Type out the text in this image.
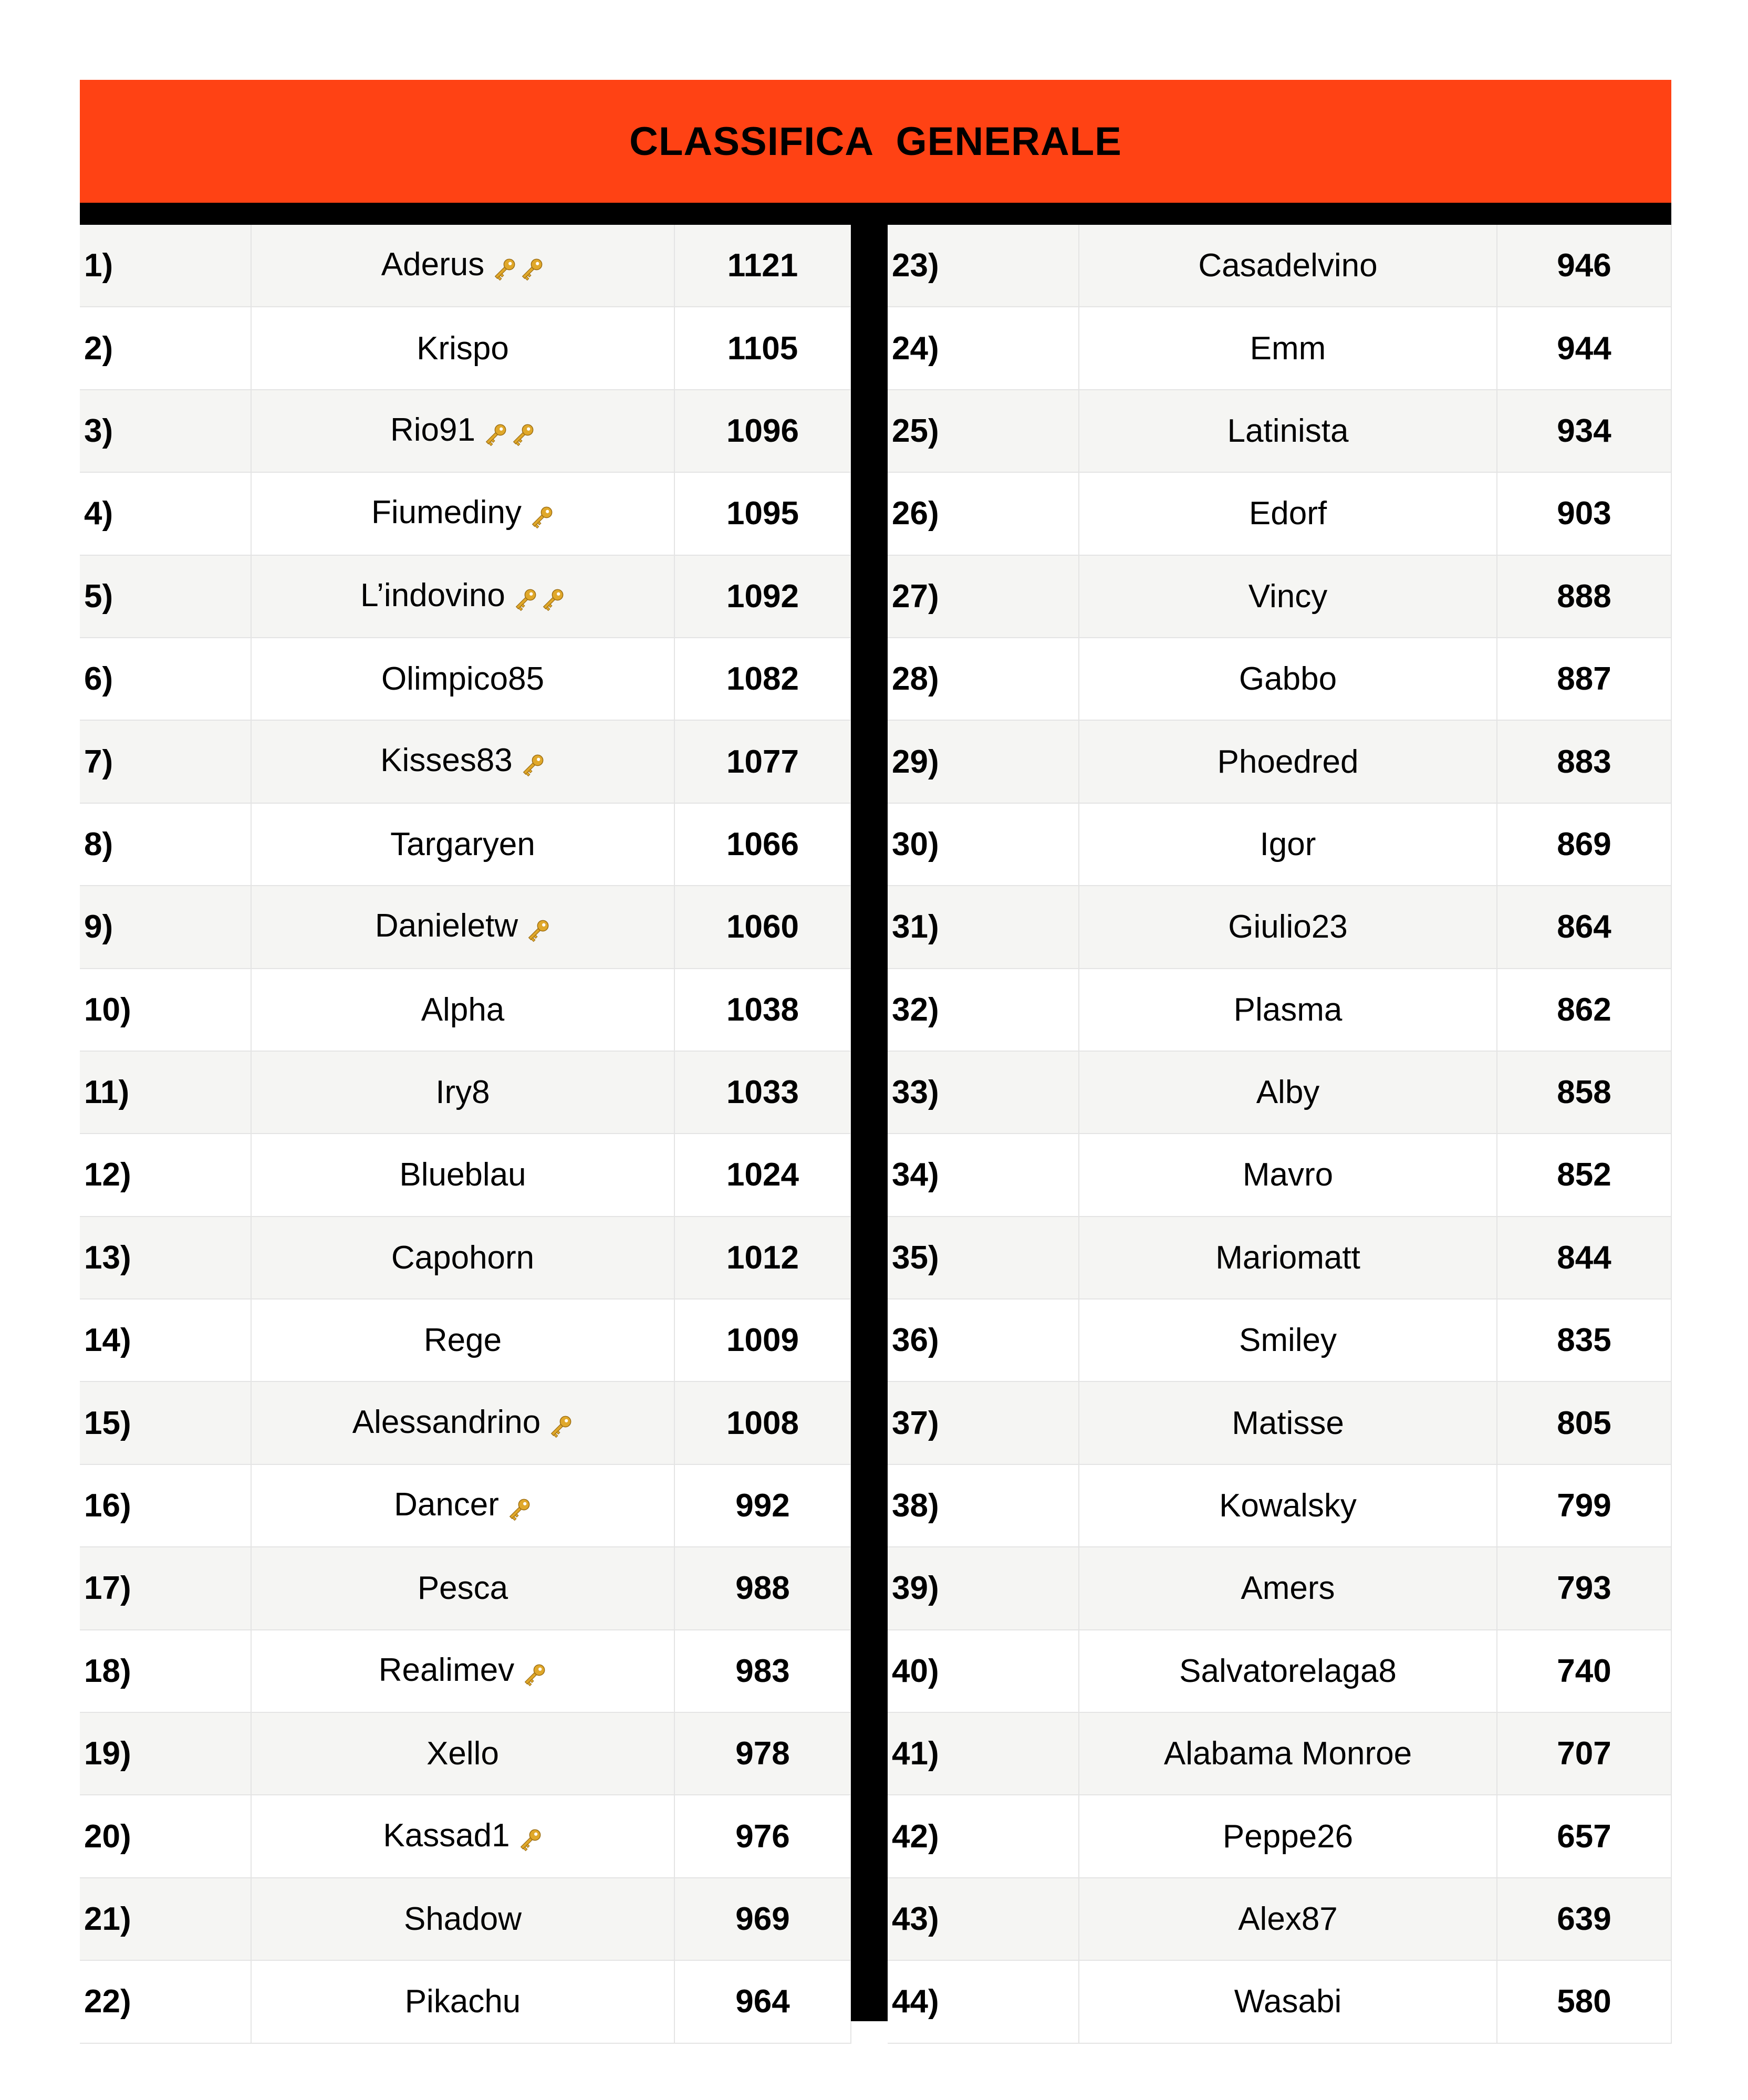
CLASSIFICA  GENERALE
1)	Aderus	1121
2)	Krispo	1105
3)	Rio91	1096
4)	Fiumediny	1095
5)	L’indovino	1092
6)	Olimpico85	1082
7)	Kisses83	1077
8)	Targaryen	1066
9)	Danieletw	1060
10)	Alpha	1038
11)	Iry8	1033
12)	Blueblau	1024
13)	Capohorn	1012
14)	Rege	1009
15)	Alessandrino	1008
16)	Dancer	992
17)	Pesca	988
18)	Realimev	983
19)	Xello	978
20)	Kassad1	976
21)	Shadow	969
22)	Pikachu	964
23)	Casadelvino	946
24)	Emm	944
25)	Latinista	934
26)	Edorf	903
27)	Vincy	888
28)	Gabbo	887
29)	Phoedred	883
30)	Igor	869
31)	Giulio23	864
32)	Plasma	862
33)	Alby	858
34)	Mavro	852
35)	Mariomatt	844
36)	Smiley	835
37)	Matisse	805
38)	Kowalsky	799
39)	Amers	793
40)	Salvatorelaga8	740
41)	Alabama Monroe	707
42)	Peppe26	657
43)	Alex87	639
44)	Wasabi	580
